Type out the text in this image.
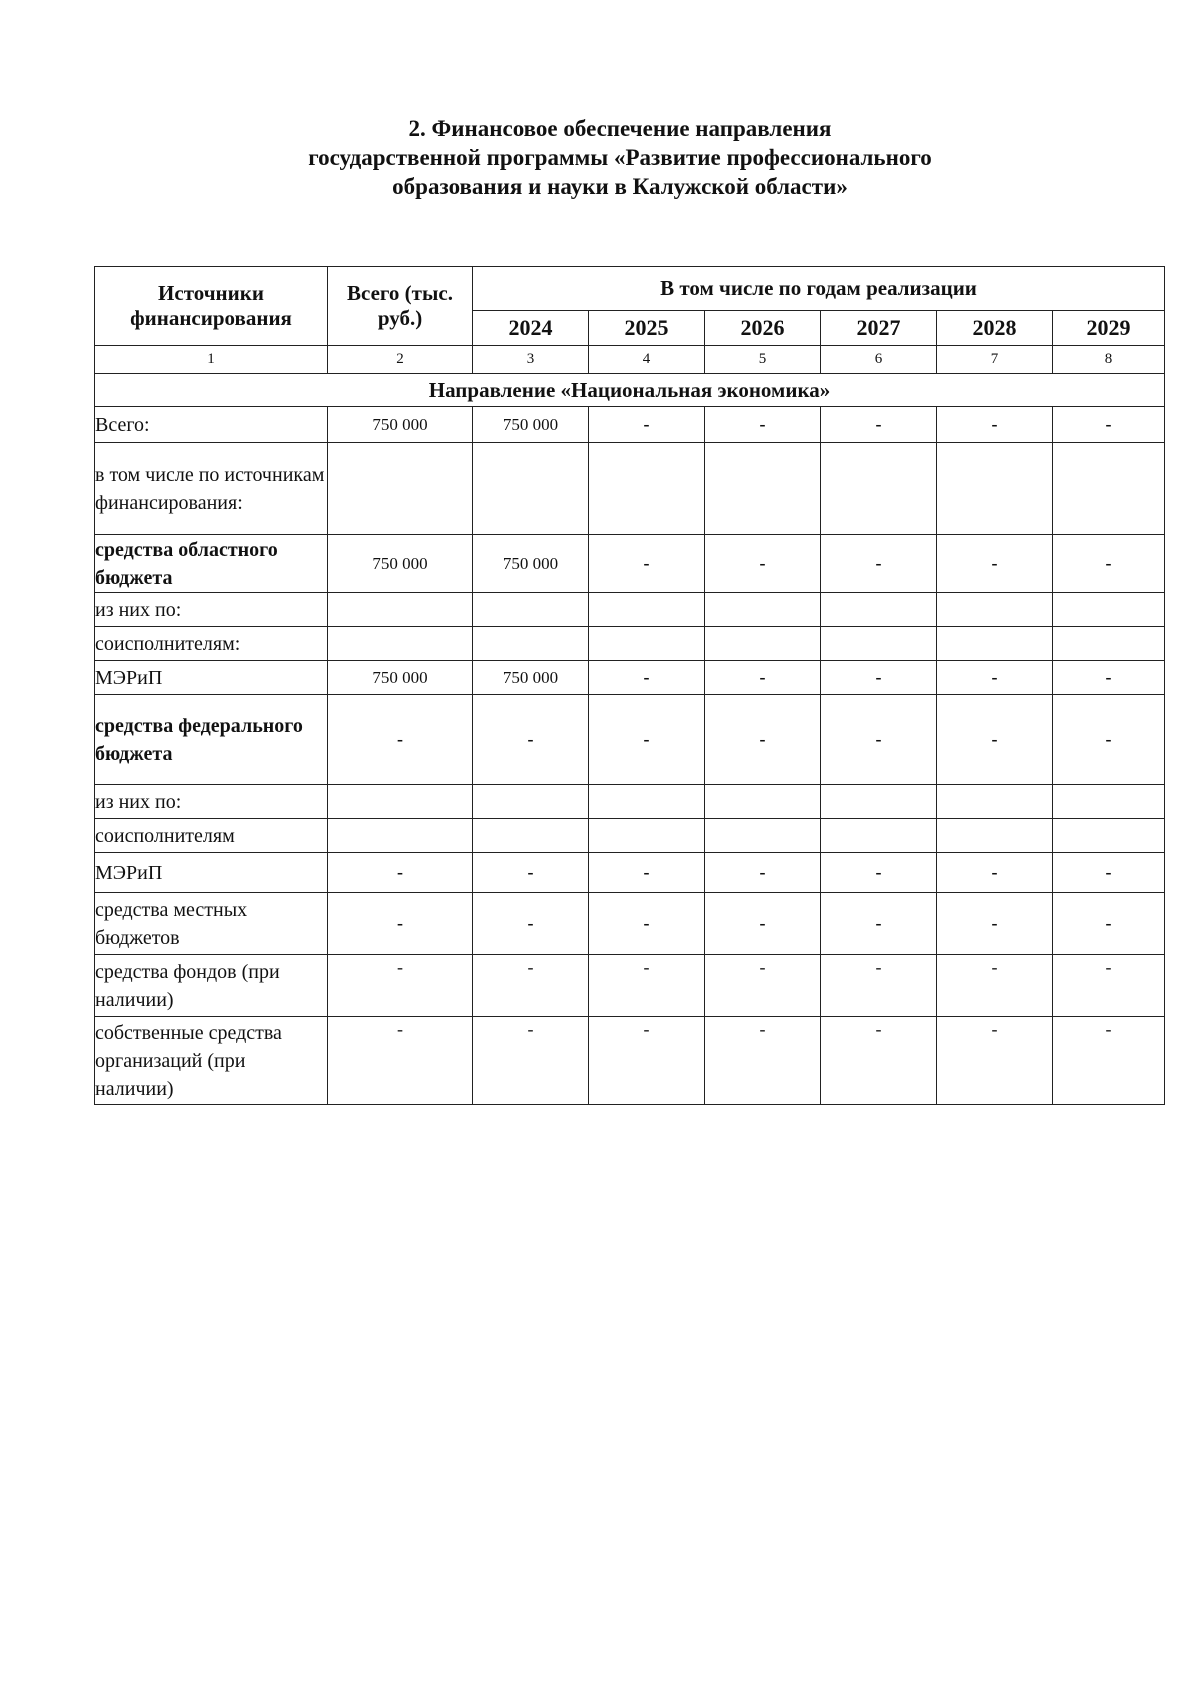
2. Финансовое обеспечение направления
государственной программы «Развитие профессионального
образования и науки в Калужской области»
Источники финансирования	Всего (тыс. руб.)	В том числе по годам реализации					
		2024	2025	2026	2027	2028	2029
1	2	3	4	5	6	7	8
Направление «Национальная экономика»							
Всего:	750 000	750 000	-	-	-	-	-
в том числе по источникам финансирования:							
средства областного бюджета	750 000	750 000	-	-	-	-	-
из них по:							
соисполнителям:							
МЭРиП	750 000	750 000	-	-	-	-	-
средства федерального бюджета	-	-	-	-	-	-	-
из них по:							
соисполнителям							
МЭРиП	-	-	-	-	-	-	-
средства местных бюджетов	-	-	-	-	-	-	-
средства фондов (при наличии)	-	-	-	-	-	-	-
собственные средства организаций (при наличии)	-	-	-	-	-	-	-
